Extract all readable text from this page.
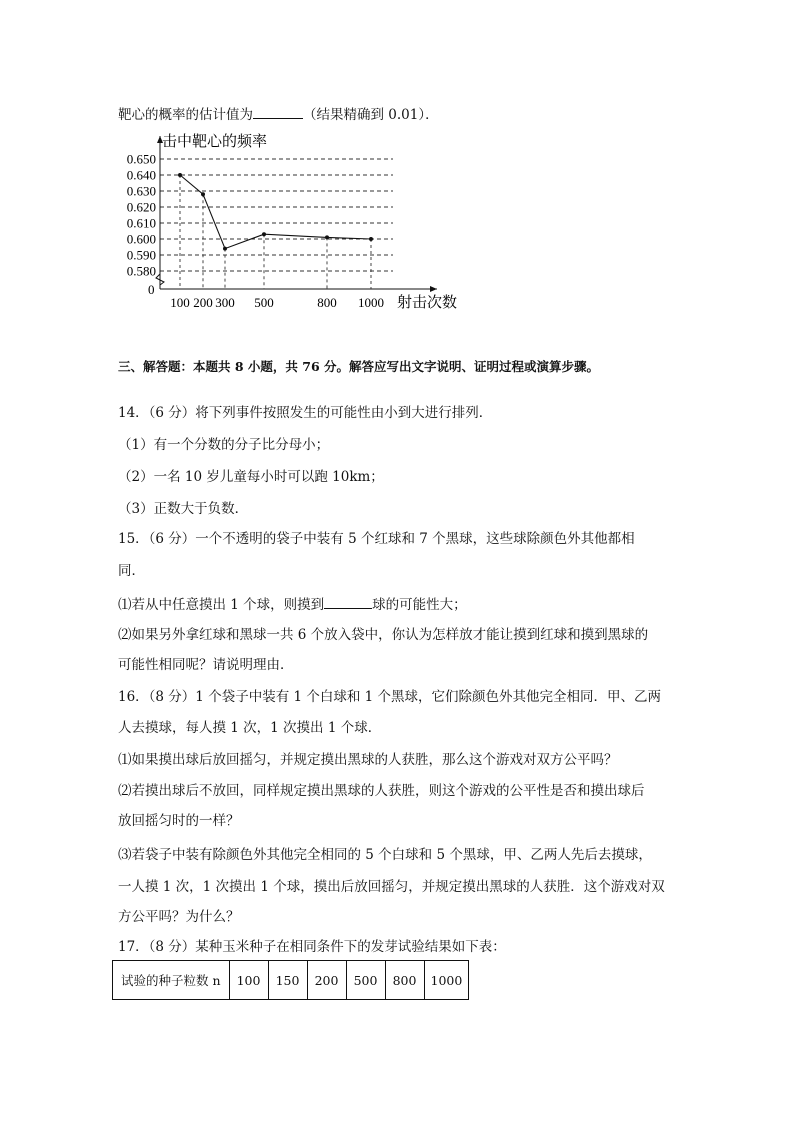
靶心的概率的估计值为	（结果精确到 0.01）．
0.580
0.590
0.600
0.610
0.620
0.630
0.640
0.650
击中靶心的频率
0
100 200 300 500	800 1000 射击次数
三、解答题：本题共 8 小题，共 76 分。解答应写出文字说明、证明过程或演算步骤。
14．（6 分）将下列事件按照发生的可能性由小到大进行排列．
（1）有一个分数的分子比分母小；
（2）一名 10 岁儿童每小时可以跑 10km；
（3）正数大于负数．
15．（6 分）一个不透明的袋子中装有 5 个红球和 7 个黑球，这些球除颜色外其他都相
同．
⑴若从中任意摸出 1 个球，则摸到	球的可能性大；
⑵如果另外拿红球和黑球一共 6 个放入袋中，你认为怎样放才能让摸到红球和摸到黑球的
可能性相同呢？请说明理由．
16．（8 分）1 个袋子中装有 1 个白球和 1 个黑球，它们除颜色外其他完全相同．甲、乙两
人去摸球，每人摸 1 次，1 次摸出 1 个球．
⑴如果摸出球后放回摇匀，并规定摸出黑球的人获胜，那么这个游戏对双方公平吗？
⑵若摸出球后不放回，同样规定摸出黑球的人获胜，则这个游戏的公平性是否和摸出球后
放回摇匀时的一样？
⑶若袋子中装有除颜色外其他完全相同的 5 个白球和 5 个黑球，甲、乙两人先后去摸球，
一人摸 1 次，1 次摸出 1 个球，摸出后放回摇匀，并规定摸出黑球的人获胜．这个游戏对双
方公平吗？为什么？
17．（8 分）某种玉米种子在相同条件下的发芽试验结果如下表：
试验的种子粒数 n	100	150	200	500	800	1000
